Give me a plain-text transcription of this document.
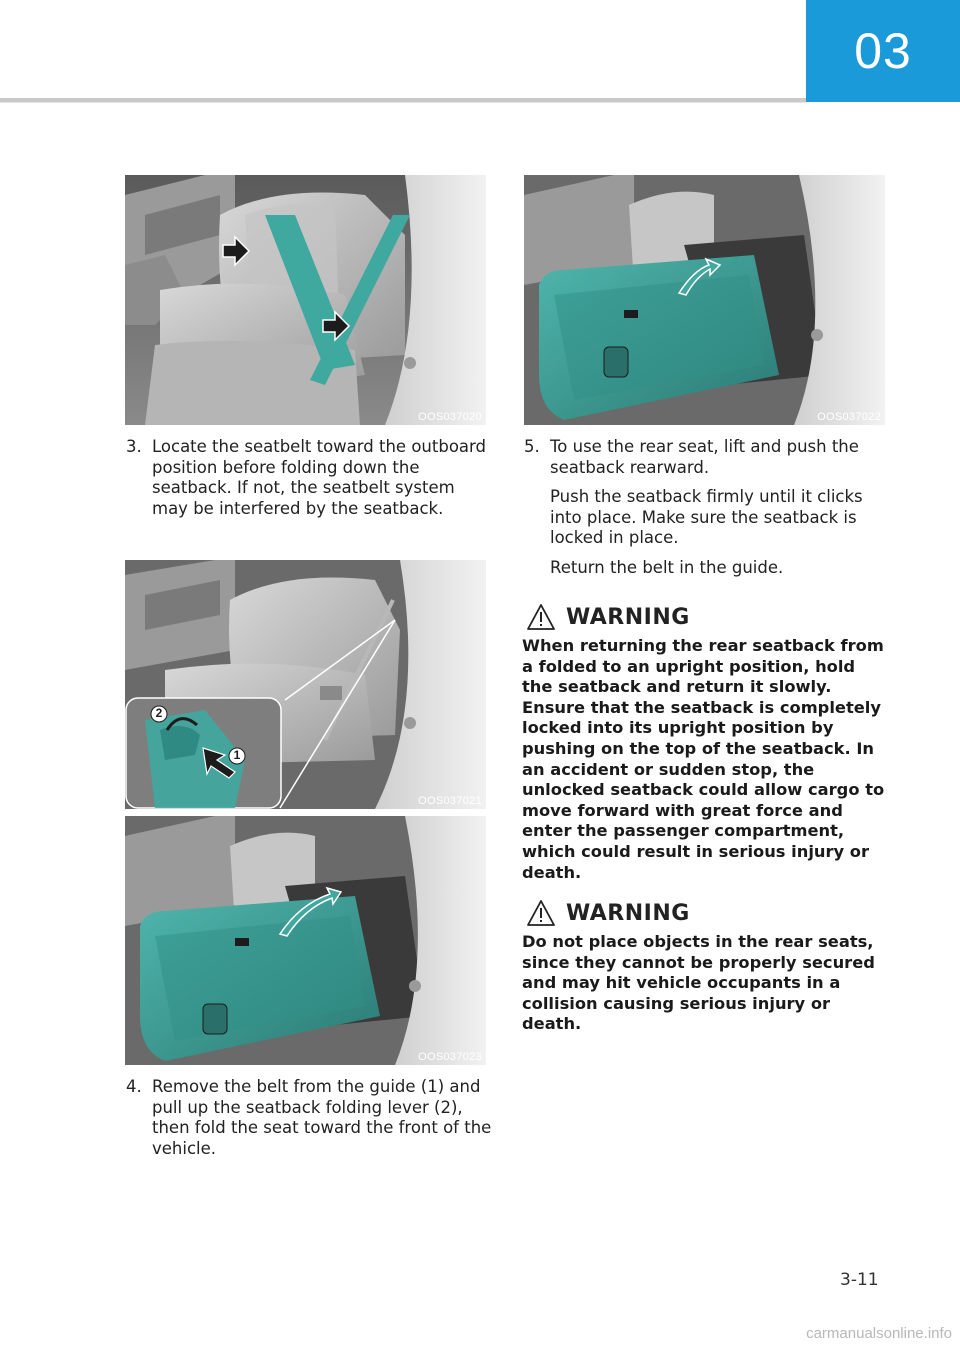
03
OOS037020
3. Locate the seatbelt toward the outboard position before folding down the seatback. If not, the seatbelt system may be interfered by the seatback.

2
1
OOS037021
OOS037023
4. Remove the belt from the guide (1) and pull up the seatback folding lever (2), then fold the seat toward the front of the vehicle.

OOS037022
5. To use the rear seat, lift and push the seatback rearward.

Push the seatback firmly until it clicks into place. Make sure the seatback is locked in place.

Return the belt in the guide.

WARNING

When returning the rear seatback from a folded to an upright position, hold the seatback and return it slowly. Ensure that the seatback is completely locked into its upright position by pushing on the top of the seatback. In an accident or sudden stop, the unlocked seatback could allow cargo to move forward with great force and enter the passenger compartment, which could result in serious injury or death.

WARNING

Do not place objects in the rear seats, since they cannot be properly secured and may hit vehicle occupants in a collision causing serious injury or death.

3-11
carmanualsonline.info
